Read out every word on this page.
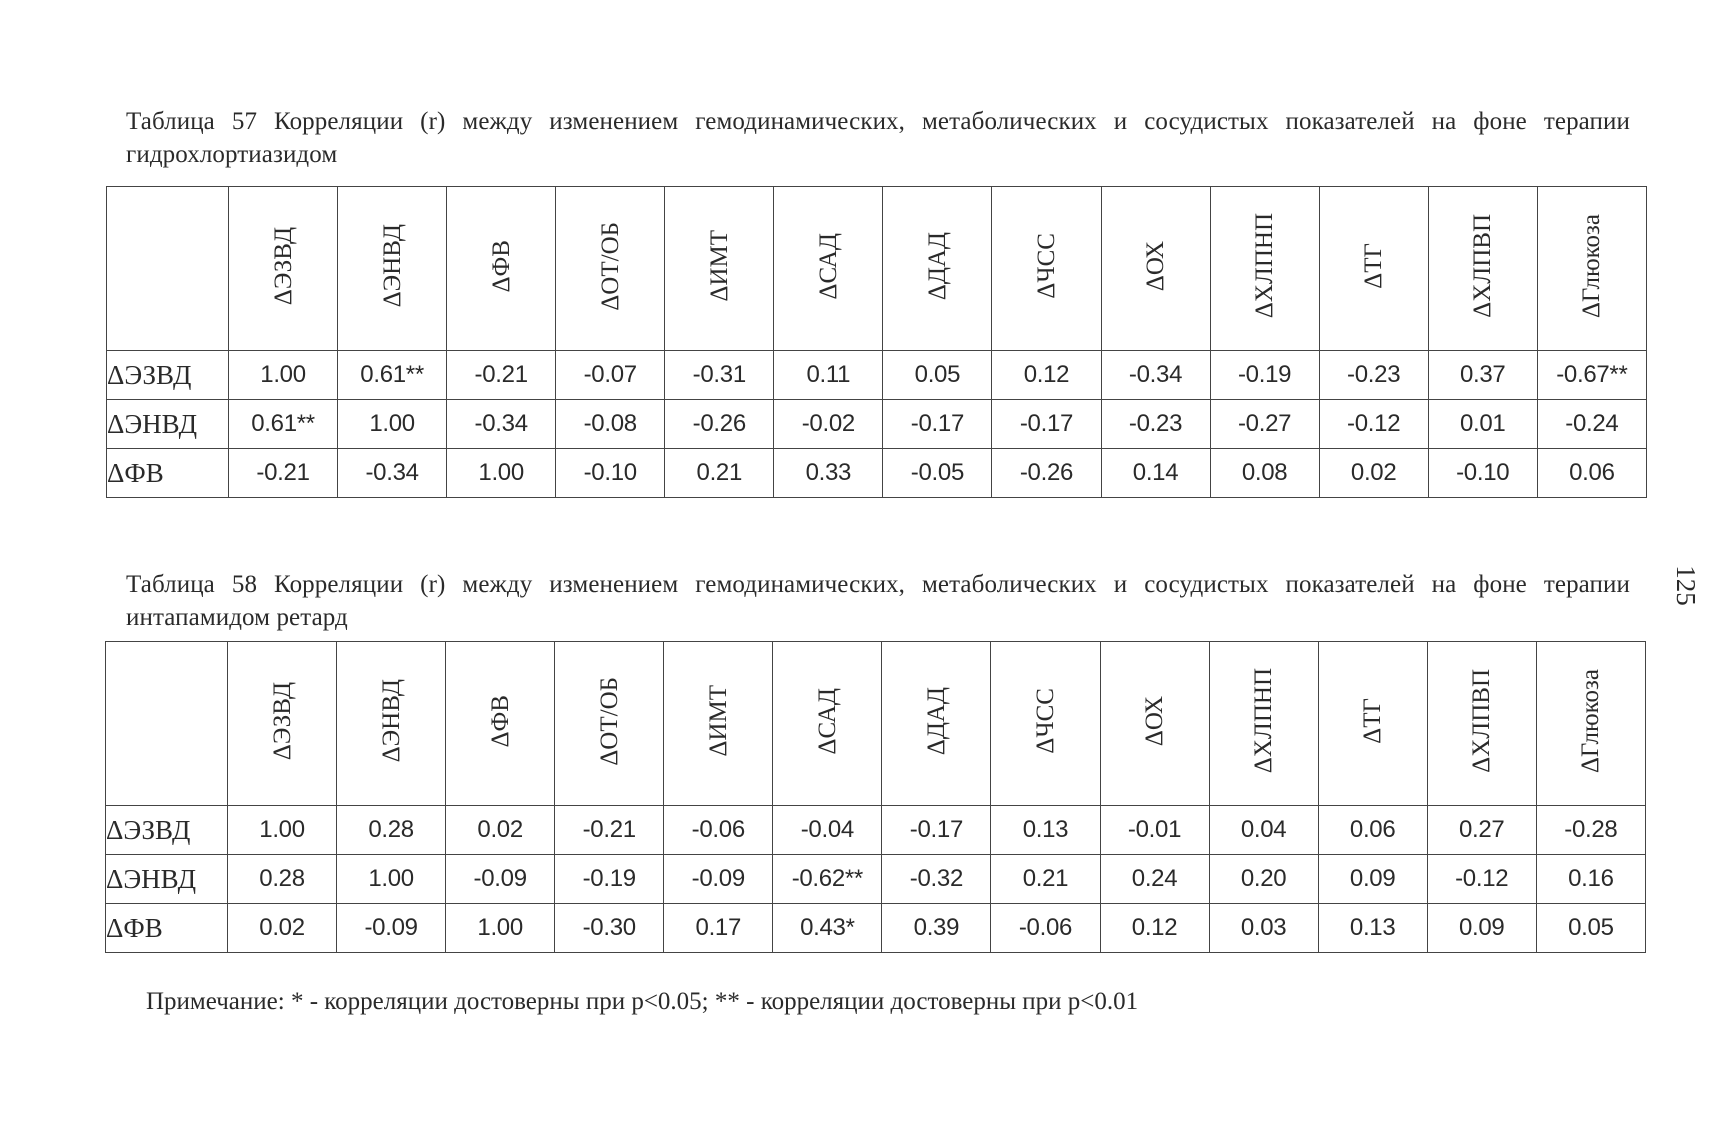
Таблица 57 Корреляции (r) между изменением гемодинамических, метаболических и сосудистых показателей на фоне терапии гидрохлортиазидом
	ΔЭЗВД	ΔЭНВД	ΔФВ	ΔОТ/ОБ	ΔИМТ	ΔСАД	ΔДАД	ΔЧСС	ΔОХ	ΔХЛПНП	ΔТГ	ΔХЛПВП	ΔГлюкоза
ΔЭЗВД	1.00	0.61**	-0.21	-0.07	-0.31	0.11	0.05	0.12	-0.34	-0.19	-0.23	0.37	-0.67**
ΔЭНВД	0.61**	1.00	-0.34	-0.08	-0.26	-0.02	-0.17	-0.17	-0.23	-0.27	-0.12	0.01	-0.24
ΔФВ	-0.21	-0.34	1.00	-0.10	0.21	0.33	-0.05	-0.26	0.14	0.08	0.02	-0.10	0.06
Таблица 58 Корреляции (r) между изменением гемодинамических, метаболических и сосудистых показателей на фоне терапии интапамидом ретард
	ΔЭЗВД	ΔЭНВД	ΔФВ	ΔОТ/ОБ	ΔИМТ	ΔСАД	ΔДАД	ΔЧСС	ΔОХ	ΔХЛПНП	ΔТГ	ΔХЛПВП	ΔГлюкоза
ΔЭЗВД	1.00	0.28	0.02	-0.21	-0.06	-0.04	-0.17	0.13	-0.01	0.04	0.06	0.27	-0.28
ΔЭНВД	0.28	1.00	-0.09	-0.19	-0.09	-0.62**	-0.32	0.21	0.24	0.20	0.09	-0.12	0.16
ΔФВ	0.02	-0.09	1.00	-0.30	0.17	0.43*	0.39	-0.06	0.12	0.03	0.13	0.09	0.05
Примечание: * - корреляции достоверны при p<0.05; ** - корреляции достоверны при p<0.01
125
